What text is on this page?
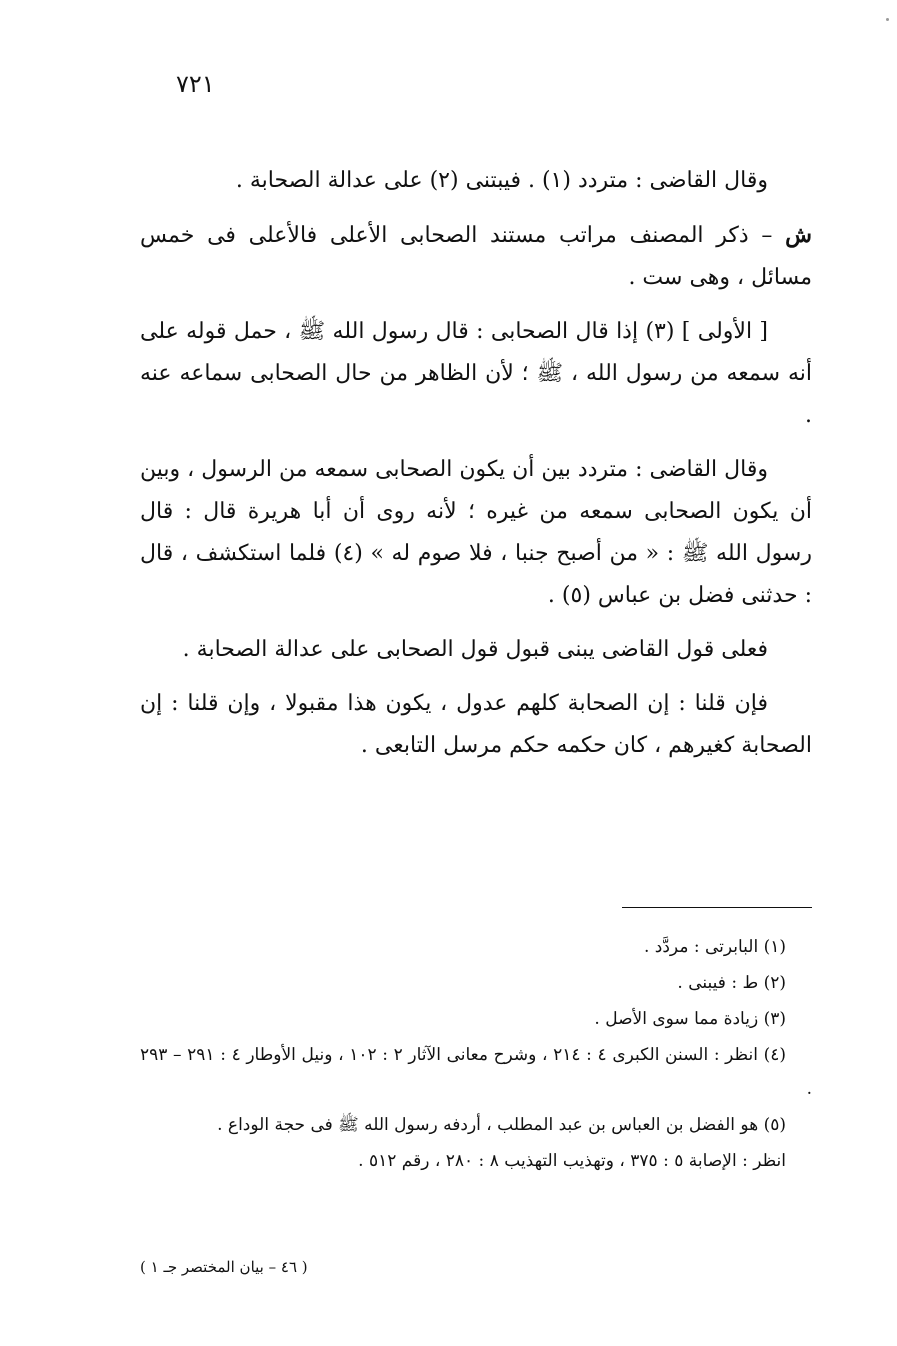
٧٢١

وقال القاضى : متردد (١) . فيبتنى (٢) على عدالة الصحابة .

ش – ذكر المصنف مراتب مستند الصحابى الأعلى فالأعلى فى خمس مسائل ، وهى ست .

[ الأولى ] (٣) إذا قال الصحابى : قال رسول الله ﷺ ، حمل قوله على أنه سمعه من رسول الله ، ﷺ ؛ لأن الظاهر من حال الصحابى سماعه عنه .

وقال القاضى : متردد بين أن يكون الصحابى سمعه من الرسول ، وبين أن يكون الصحابى سمعه من غيره ؛ لأنه روى أن أبا هريرة قال : قال رسول الله ﷺ : « من أصبح جنبا ، فلا صوم له » (٤) فلما استكشف ، قال : حدثنى فضل بن عباس (٥) .

فعلى قول القاضى يبنى قبول قول الصحابى على عدالة الصحابة .

فإن قلنا : إن الصحابة كلهم عدول ، يكون هذا مقبولا ، وإن قلنا : إن الصحابة كغيرهم ، كان حكمه حكم مرسل التابعى .

(١) البابرتى : مردَّد .

(٢) ط : فيبنى .

(٣) زيادة مما سوى الأصل .

(٤) انظر : السنن الكبرى ٤ : ٢١٤ ، وشرح معانى الآثار ٢ : ١٠٢ ، ونيل الأوطار ٤ : ٢٩١ – ٢٩٣ .

(٥) هو الفضل بن العباس بن عبد المطلب ، أردفه رسول الله ﷺ فى حجة الوداع .

انظر : الإصابة ٥ : ٣٧٥ ، وتهذيب التهذيب ٨ : ٢٨٠ ، رقم ٥١٢ .

( ٤٦ – بيان المختصر جـ ١ )
